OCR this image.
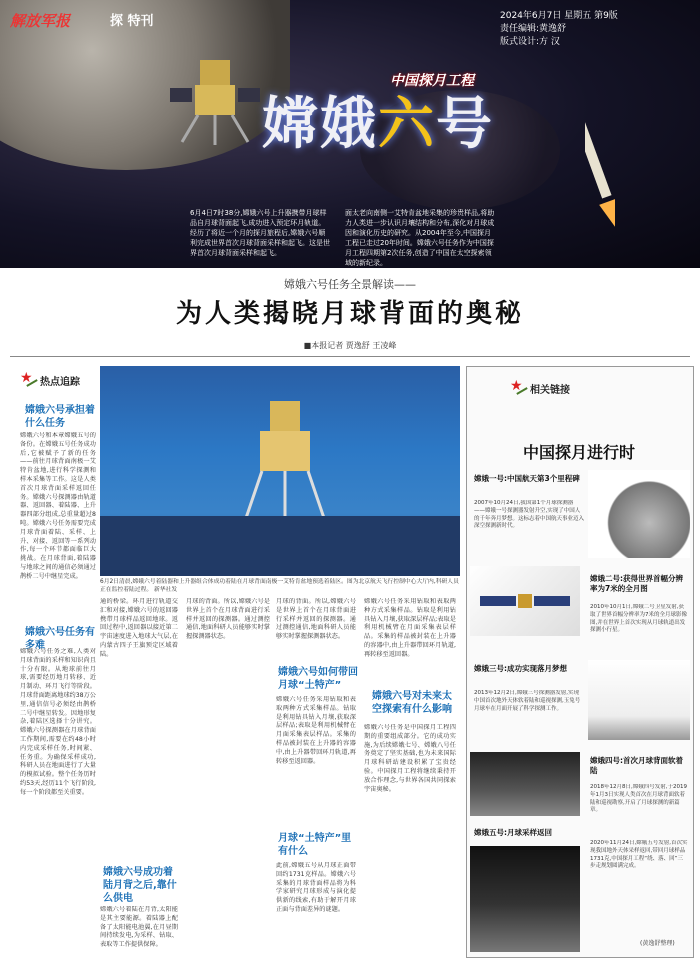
解放军报	探 特刊	2024年6月7日 星期五 第9版
责任编辑:黄逸舒
版式设计:方 汉
中国探月工程
嫦娥六号
6月4日7时38分,嫦娥六号上升器携带月球样品自月球背面起飞,成功进入预定环月轨道。经历了将近一个月的探月旅程后,嫦娥六号顺利完成世界首次月球背面采样和起飞。这是世界首次月球背面采样和起飞。
面太老向南侧一艾特肯盆地采集的珍贵样品,将助力人类进一步认识月壤结构和分布,深化对月球成因和演化历史的研究。从2004年至今,中国探月工程已走过20年时间。嫦娥六号任务作为中国探月工程四期第2次任务,创造了中国在太空探索领域的新纪录。
嫦娥六号任务全景解读——
为人类揭晓月球背面的奥秘
■本报记者 贾逸舒 王凌峰
★
热点追踪
嫦娥六号承担着什么任务
嫦娥六号和本章嫦娥五号的备份。在嫦娥五号任务成功后,它被赋予了新的任务——前往月球背面南极一艾特肯盆地,进行科学探测和样本采集等工作。这是人类首次月球背面采样返回任务。嫦娥六号探测器由轨道器、返回器、着陆器、上升器四部分组成,总重量超过8吨。嫦娥六号任务需要完成月球背面着陆、采样、上升、对接、返回等一系列动作,每一个环节都面临巨大挑战。在月球背面,着陆器与地球之间的通信必须通过鹊桥二号中继星完成。
嫦娥六号任务有多难
嫦娥六号任务之难,人类对月球背面的采样和知识尚且十分有限。从地球前往月球,需要经历地月转移、近月制动、环月飞行等阶段。月球背面距离地球约38万公里,通信信号必须经由鹊桥二号中继星转发。因地形复杂,着陆区选择十分讲究。嫦娥六号探测器在月球背面工作期间,需要在约48小时内完成采样任务,时间紧、任务重。为确保采样成功,科研人员在地面进行了大量的模拟试验。整个任务历时约53天,经历11个飞行阶段,每一个阶段都至关重要。
6月2日清晨,嫦娥六号着陆器和上升器组合体成功着陆在月球背面南极一艾特肯盆地预选着陆区。图为北京航天飞行控制中心大厅内,科研人员正在监控着陆过程。 新华社发
通的桥梁。环月进行轨道交汇和对接,嫦娥六号的返回器携带月球样品返回地球。返回过程中,返回器以接近第二宇宙速度进入地球大气层,在内蒙古四子王旗预定区域着陆。
嫦娥六号成功着陆月背之后,靠什么供电
嫦娥六号着陆在月背,太阳能是其主要能源。着陆器上配备了太阳能电池翼,在月昼期间持续发电,为采样、钻取、表取等工作提供保障。
月球的背面。所以,嫦娥六号是世界上首个在月球背面进行采样并返回的探测器。通过测控通信,地面科研人员能够实时掌握探测器状态。
月球的背面。所以,嫦娥六号是世界上首个在月球背面进行采样并返回的探测器。通过测控通信,地面科研人员能够实时掌握探测器状态。
嫦娥六号如何带回月球“土特产”
嫦娥六号任务采用钻取和表取两种方式采集样品。钻取是利用钻具钻入月壤,获取深层样品;表取是利用机械臂在月面采集表层样品。采集的样品被封装在上升器的容器中,由上升器带回环月轨道,再转移至返回器。
月球“土特产”里有什么
此前,嫦娥五号从月球正面带回约1731克样品。嫦娥六号采集的月球背面样品将为科学家研究月球形成与演化提供新的线索,有助于解开月球正面与背面差异的谜题。
嫦娥六号任务采用钻取和表取两种方式采集样品。钻取是利用钻具钻入月壤,获取深层样品;表取是利用机械臂在月面采集表层样品。采集的样品被封装在上升器的容器中,由上升器带回环月轨道,再转移至返回器。
嫦娥六号对未来太空探索有什么影响
嫦娥六号任务是中国探月工程四期的重要组成部分。它的成功实施,为后续嫦娥七号、嫦娥八号任务奠定了坚实基础,也为未来国际月球科研站建设积累了宝贵经验。中国探月工程将继续秉持开放合作理念,与世界各国共同探索宇宙奥秘。
★
相关链接
中国探月进行时
嫦娥一号:中国航天第3个里程碑
2007年10月24日,我国第1个月球探测器——嫦娥一号探测器发射升空,实现了中国人的千年奔月梦想。这标志着中国航天事业迈入深空探测新时代。
嫦娥二号:获得世界首幅分辨率为7米的全月图
2010年10月1日,嫦娥二号卫星发射,获取了世界首幅分辨率为7米的全月球影像图,并在世界上首次实现从月球轨道出发探测小行星。
嫦娥三号:成功实现落月梦想
2013年12月2日,嫦娥三号探测器发射,实现中国首次地外天体软着陆和巡视探测,玉兔号月球车在月面开展了科学探测工作。
嫦娥四号:首次月球背面软着陆
2018年12月8日,嫦娥四号发射,于2019年1月3日实现人类首次在月球背面软着陆和巡视勘察,开启了月球探测的新篇章。
嫦娥五号:月球采样返回
2020年11月24日,嫦娥五号发射,首次实现我国地外天体采样返回,带回月球样品1731克,中国探月工程“绕、落、回”三步走规划圆满完成。
(黄逸舒整理)
